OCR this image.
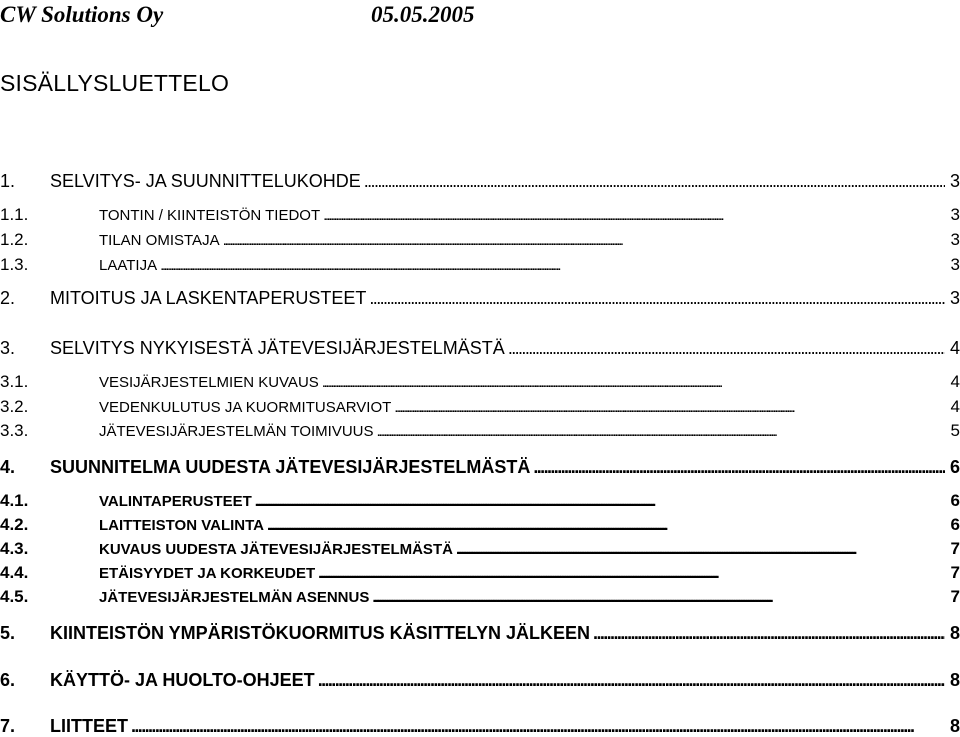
CW Solutions Oy	05.05.2005
SISÄLLYSLUETTELO
1. SELVITYS- JA SUUNNITTELUKOHDE . . .	3
1.1.	TONTIN / KIINTEISTÖN TIEDOT . . .	3
1.2.	TILAN OMISTAJA . . .	3
1.3.	LAATIJA . . .	3
2. MITOITUS JA LASKENTAPERUSTEET . . .	3
3. SELVITYS NYKYISESTÄ JÄTEVESIJÄRJESTELMÄSTÄ . . .	4
3.1.	VESIJÄRJESTELMIEN KUVAUS . . .	4
3.2.	VEDENKULUTUS JA KUORMITUSARVIOT . . .	4
3.3.	JÄTEVESIJÄRJESTELMÄN TOIMIVUUS . . .	5
4. SUUNNITELMA UUDESTA JÄTEVESIJÄRJESTELMÄSTÄ . . .	6
4.1.	VALINTAPERUSTEET . . .	6
4.2.	LAITTEISTON VALINTA . . .	6
4.3.	KUVAUS UUDESTA JÄTEVESIJÄRJESTELMÄSTÄ . . .	7
4.4.	ETÄISYYDET JA KORKEUDET . . .	7
4.5.	JÄTEVESIJÄRJESTELMÄN ASENNUS . . .	7
5. KIINTEISTÖN YMPÄRISTÖKUORMITUS KÄSITTELYN JÄLKEEN . . .	8
6. KÄYTTÖ- JA HUOLTO-OHJEET . . .	8
7. LIITTEET . . .	8
